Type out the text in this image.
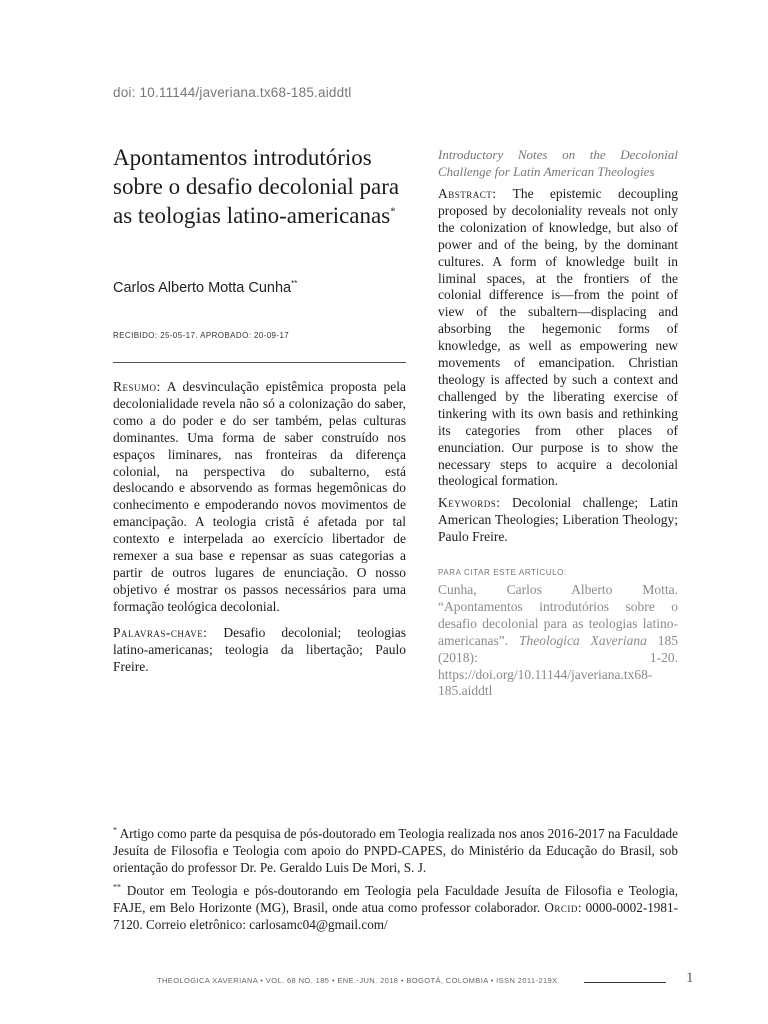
doi: 10.11144/javeriana.tx68-185.aiddtl
Apontamentos introdutórios sobre o desafio decolonial para as teologias latino-americanas*
Carlos Alberto Motta Cunha**
RECIBIDO: 25-05-17. APROBADO: 20-09-17

Resumo: A desvinculação epistêmica proposta pela decolonialidade revela não só a colonização do saber, como a do poder e do ser também, pelas culturas dominantes. Uma forma de saber construído nos espaços liminares, nas fronteiras da diferença colonial, na perspectiva do subalterno, está deslocando e absorvendo as formas hegemônicas do conhecimento e empoderando novos movimentos de emancipação. A teologia cristã é afetada por tal contexto e interpelada ao exercício libertador de remexer a sua base e repensar as suas categorias a partir de outros lugares de enunciação. O nosso objetivo é mostrar os passos necessários para uma formação teológica decolonial.

Palavras-chave: Desafio decolonial; teologias latino-americanas; teologia da libertação; Paulo Freire.

Introductory Notes on the Decolonial Challenge for Latin American Theologies

Abstract: The epistemic decoupling proposed by decoloniality reveals not only the colonization of knowledge, but also of power and of the being, by the dominant cultures. A form of knowledge built in liminal spaces, at the frontiers of the colonial difference is—from the point of view of the subaltern—displacing and absorbing the hegemonic forms of knowledge, as well as empowering new movements of emancipation. Christian theology is affected by such a context and challenged by the liberating exercise of tinkering with its own basis and rethinking its categories from other places of enunciation. Our purpose is to show the necessary steps to acquire a decolonial theological formation.

Keywords: Decolonial challenge; Latin American Theologies; Liberation Theology; Paulo Freire.

PARA CITAR ESTE ARTÍCULO:

Cunha, Carlos Alberto Motta. “Apontamentos introdutórios sobre o desafio decolonial para as teologias latino-americanas”. Theologica Xaveriana 185 (2018): 1-20. https://doi.org/10.11144/javeriana.tx68-185.aiddtl

* Artigo como parte da pesquisa de pós-doutorado em Teologia realizada nos anos 2016-2017 na Faculdade Jesuíta de Filosofia e Teologia com apoio do PNPD-CAPES, do Ministério da Educação do Brasil, sob orientação do professor Dr. Pe. Geraldo Luis De Mori, S. J.

** Doutor em Teologia e pós-doutorando em Teologia pela Faculdade Jesuíta de Filosofia e Teologia, FAJE, em Belo Horizonte (MG), Brasil, onde atua como professor colaborador. Orcid: 0000-0002-1981-7120. Correio eletrônico: carlosamc04@gmail.com/

THEOLOGICA XAVERIANA • VOL. 68 NO. 185 • ENE.-JUN. 2018 • BOGOTÁ, COLOMBIA • ISSN 2011-219X	1
